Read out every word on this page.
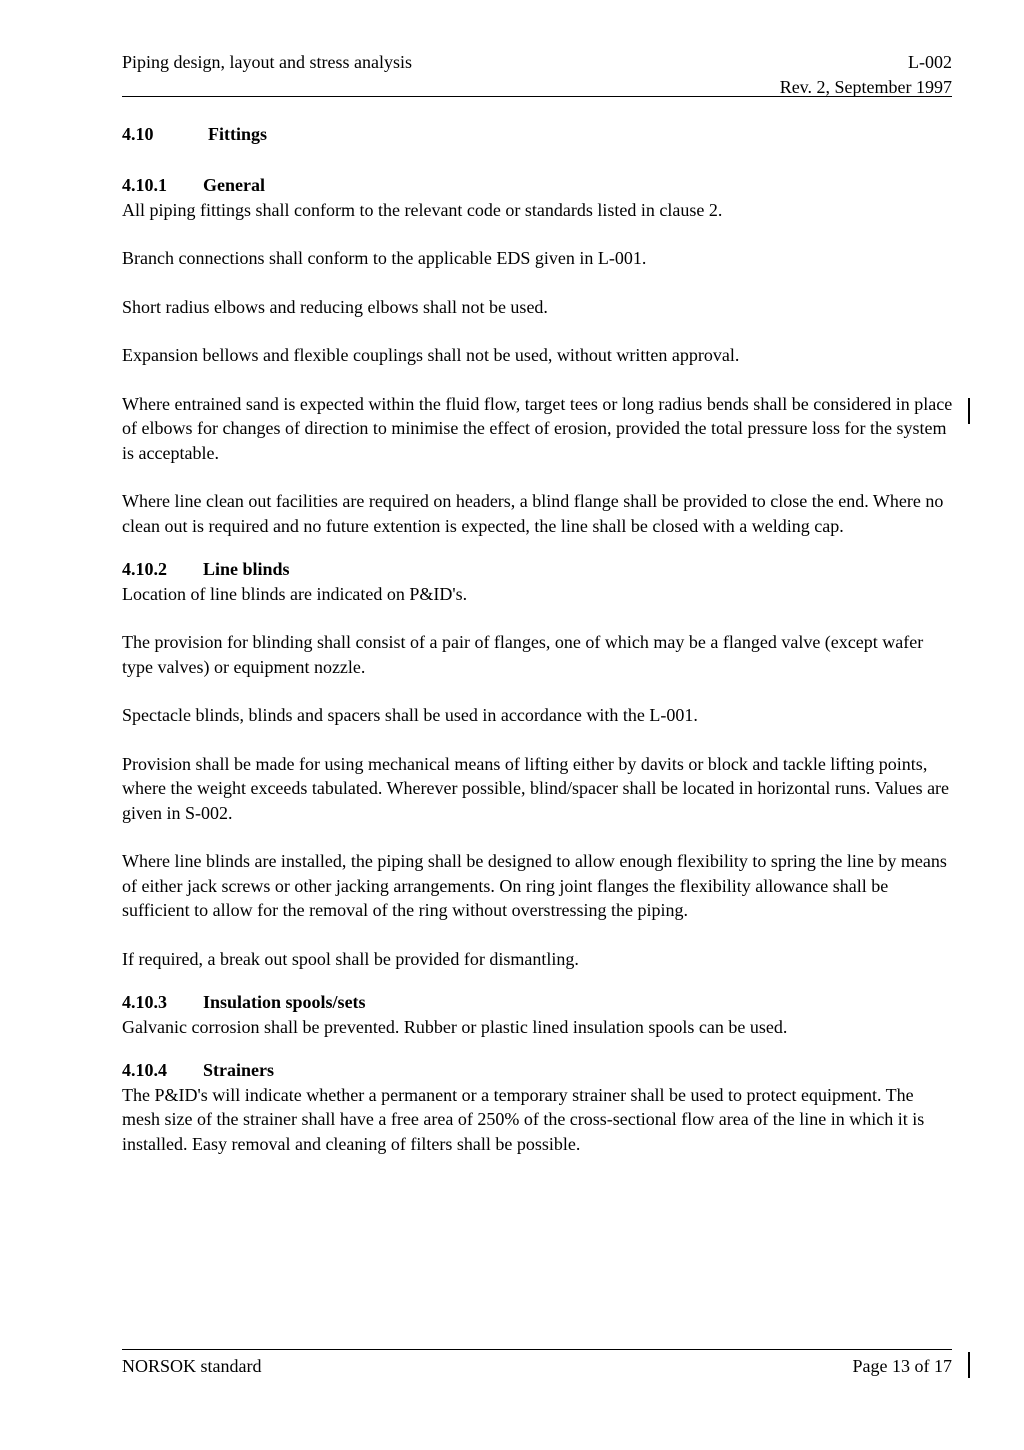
Piping design, layout and stress analysis	L-002
Rev. 2, September 1997
4.10	Fittings
4.10.1 General

All piping fittings shall conform to the relevant code or standards listed in clause 2.

Branch connections shall conform to the applicable EDS given in L-001.

Short radius elbows and reducing elbows shall not be used.

Expansion bellows and flexible couplings shall not be used, without written approval.

Where entrained sand is expected within the fluid flow, target tees or long radius bends shall be considered in place of elbows for changes of direction to minimise the effect of erosion, provided the total pressure loss for the system is acceptable.

Where line clean out facilities are required on headers, a blind flange shall be provided to close the end. Where no clean out is required and no future extention is expected, the line shall be closed with a welding cap.

4.10.2 Line blinds

Location of line blinds are indicated on P&ID's.

The provision for blinding shall consist of a pair of flanges, one of which may be a flanged valve (except wafer type valves) or equipment nozzle.

Spectacle blinds, blinds and spacers shall be used in accordance with the L-001.

Provision shall be made for using mechanical means of lifting either by davits or block and tackle lifting points, where the weight exceeds tabulated. Wherever possible, blind/spacer shall be located in horizontal runs. Values are given in S-002.

Where line blinds are installed, the piping shall be designed to allow enough flexibility to spring the line by means of either jack screws or other jacking arrangements. On ring joint flanges the flexibility allowance shall be sufficient to allow for the removal of the ring without overstressing the piping.

If required, a break out spool shall be provided for dismantling.

4.10.3 Insulation spools/sets

Galvanic corrosion shall be prevented. Rubber or plastic lined insulation spools can be used.

4.10.4 Strainers

The P&ID's will indicate whether a permanent or a temporary strainer shall be used to protect equipment. The mesh size of the strainer shall have a free area of 250% of the cross-sectional flow area of the line in which it is installed. Easy removal and cleaning of filters shall be possible.

NORSOK standard	Page 13 of 17
